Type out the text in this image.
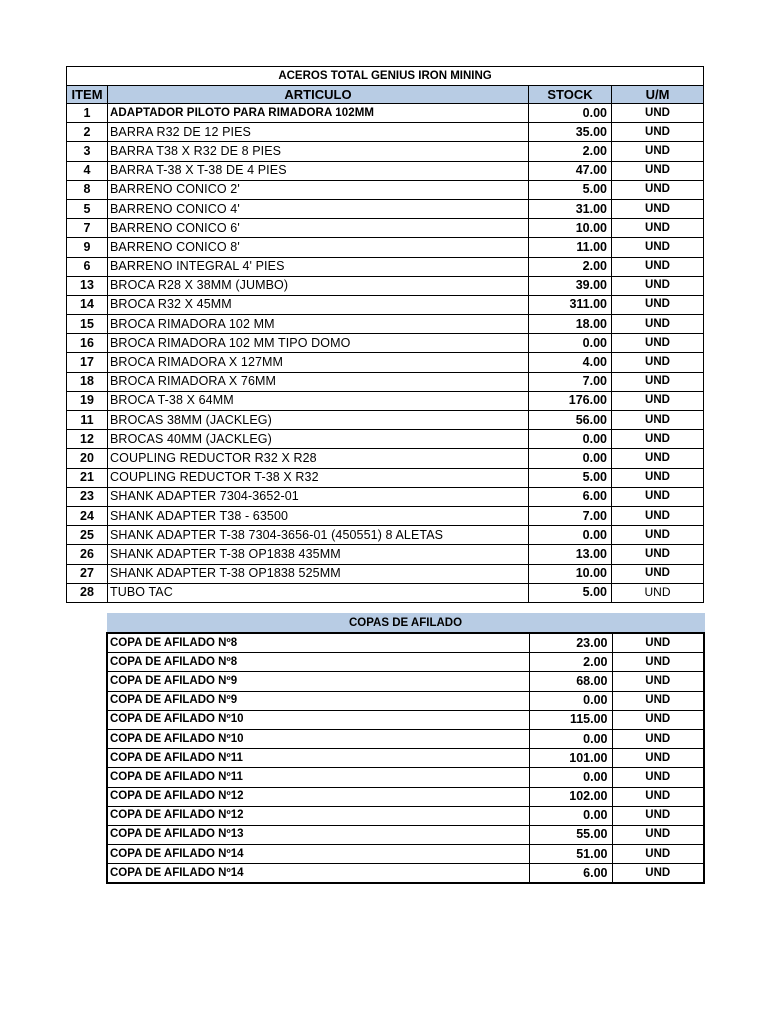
ACEROS TOTAL GENIUS IRON MINING			
ITEM	ARTICULO	STOCK	U/M
1	ADAPTADOR PILOTO PARA RIMADORA 102MM	0.00	UND
2	BARRA R32 DE 12 PIES	35.00	UND
3	BARRA T38 X R32 DE 8 PIES	2.00	UND
4	BARRA T-38 X T-38 DE 4 PIES	47.00	UND
8	BARRENO CONICO 2'	5.00	UND
5	BARRENO CONICO 4'	31.00	UND
7	BARRENO CONICO 6'	10.00	UND
9	BARRENO CONICO 8'	11.00	UND
6	BARRENO INTEGRAL 4' PIES	2.00	UND
13	BROCA R28 X 38MM (JUMBO)	39.00	UND
14	BROCA R32 X 45MM	311.00	UND
15	BROCA RIMADORA 102 MM	18.00	UND
16	BROCA RIMADORA 102 MM TIPO DOMO	0.00	UND
17	BROCA RIMADORA X 127MM	4.00	UND
18	BROCA RIMADORA X 76MM	7.00	UND
19	BROCA T-38 X 64MM	176.00	UND
11	BROCAS 38MM (JACKLEG)	56.00	UND
12	BROCAS 40MM (JACKLEG)	0.00	UND
20	COUPLING REDUCTOR R32 X R28	0.00	UND
21	COUPLING REDUCTOR T-38 X R32	5.00	UND
23	SHANK ADAPTER 7304-3652-01	6.00	UND
24	SHANK ADAPTER T38 - 63500	7.00	UND
25	SHANK ADAPTER T-38 7304-3656-01 (450551) 8 ALETAS	0.00	UND
26	SHANK ADAPTER T-38 OP1838 435MM	13.00	UND
27	SHANK ADAPTER T-38 OP1838 525MM	10.00	UND
28	TUBO TAC	5.00	UND
COPAS DE AFILADO		
COPA DE AFILADO Nº8	23.00	UND
COPA DE AFILADO Nº8	2.00	UND
COPA DE AFILADO Nº9	68.00	UND
COPA DE AFILADO Nº9	0.00	UND
COPA DE AFILADO Nº10	115.00	UND
COPA DE AFILADO Nº10	0.00	UND
COPA DE AFILADO Nº11	101.00	UND
COPA DE AFILADO Nº11	0.00	UND
COPA DE AFILADO Nº12	102.00	UND
COPA DE AFILADO Nº12	0.00	UND
COPA DE AFILADO Nº13	55.00	UND
COPA DE AFILADO Nº14	51.00	UND
COPA DE AFILADO Nº14	6.00	UND
